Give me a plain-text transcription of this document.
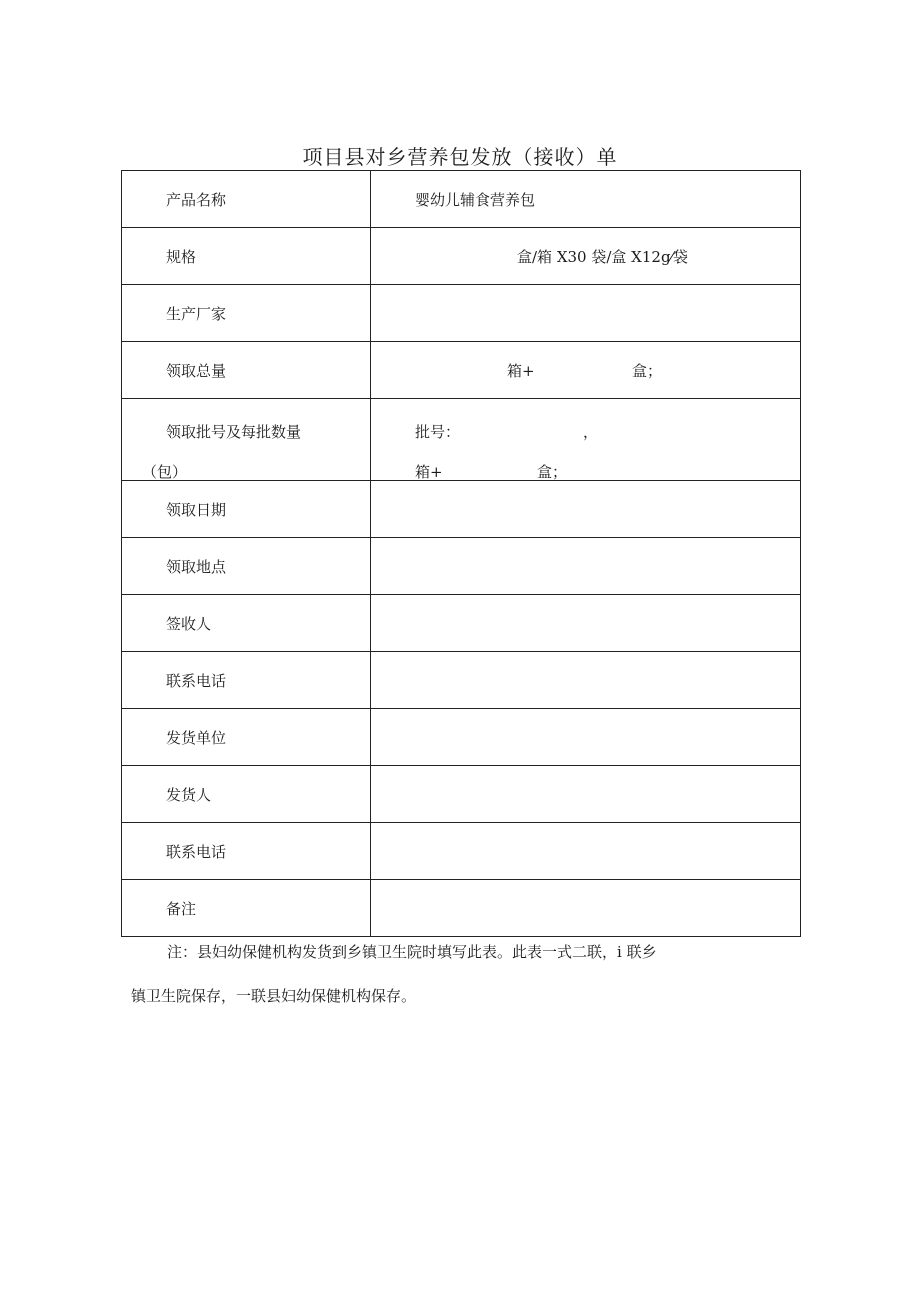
项目县对乡营养包发放（接收）单
产品名称	婴幼儿辅食营养包

规格	盒/箱 X30 袋/盒 X12g⁄袋

生产厂家	
领取总量	箱+ 盒；

领取批号及每批数量
（包）	批号： ，
箱+ 盒；

领取日期	
领取地点	
签收人	
联系电话	
发货单位	
发货人	
联系电话	
备注	
注：县妇幼保健机构发货到乡镇卫生院时填写此表。此表一式二联，i 联乡
镇卫生院保存，一联县妇幼保健机构保存。
